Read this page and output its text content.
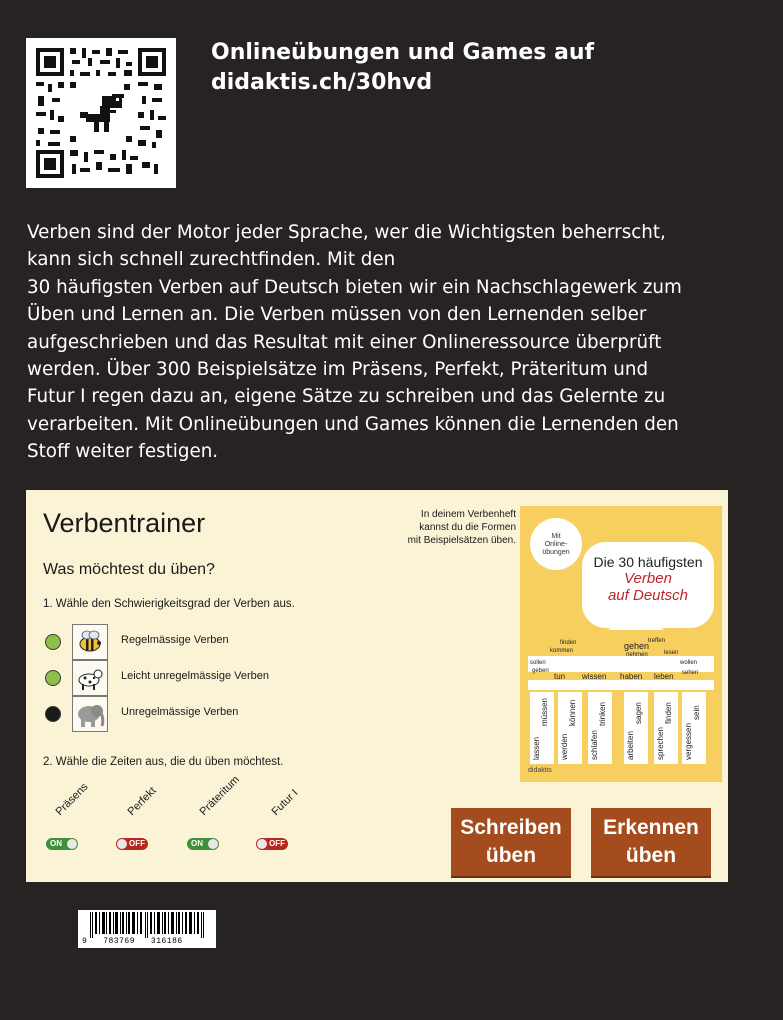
Onlineübungen und Games auf
didaktis.ch/30hvd

Verben sind der Motor jeder Sprache, wer die Wichtigsten beherrscht,

kann sich schnell zurechtfinden. Mit den

30 häufigsten Verben auf Deutsch bieten wir ein Nachschlagewerk zum

Üben und Lernen an. Die Verben müssen von den Lernenden selber

aufgeschrieben und das Resultat mit einer Onlineressource überprüft

werden. Über 300 Beispielsätze im Präsens, Perfekt, Präteritum und

Futur I regen dazu an, eigene Sätze zu schreiben und das Gelernte zu

verarbeiten. Mit Onlineübungen und Games können die Lernenden den

Stoff weiter festigen.

Verbentrainer
Was möchtest du üben?
1. Wähle den Schwierigkeitsgrad der Verben aus.
Regelmässige Verben
Leicht unregelmässige Verben
Unregelmässige Verben
2. Wähle die Zeiten aus, die du üben möchtest.
Präsens	Perfekt	Präteritum	Futur I
ON	OFF	ON	OFF
In deinem Verbenheft
kannst du die Formen
mit Beispielsätzen üben.	Mit
Online-
übungen
Die 30 häufigsten
Verben
auf Deutsch
finden	treffen
kommen
nehmen
gehen
lesen
sollen	wollen
geben
tun wissen haben leben sehen
lassen
müssen
werden
können
schlafen
trinken
arbeiten
sagen
sprechen
finden
vergessen
sein
didaktis
Schreiben
üben
Erkennen
üben
9   783769   316186
